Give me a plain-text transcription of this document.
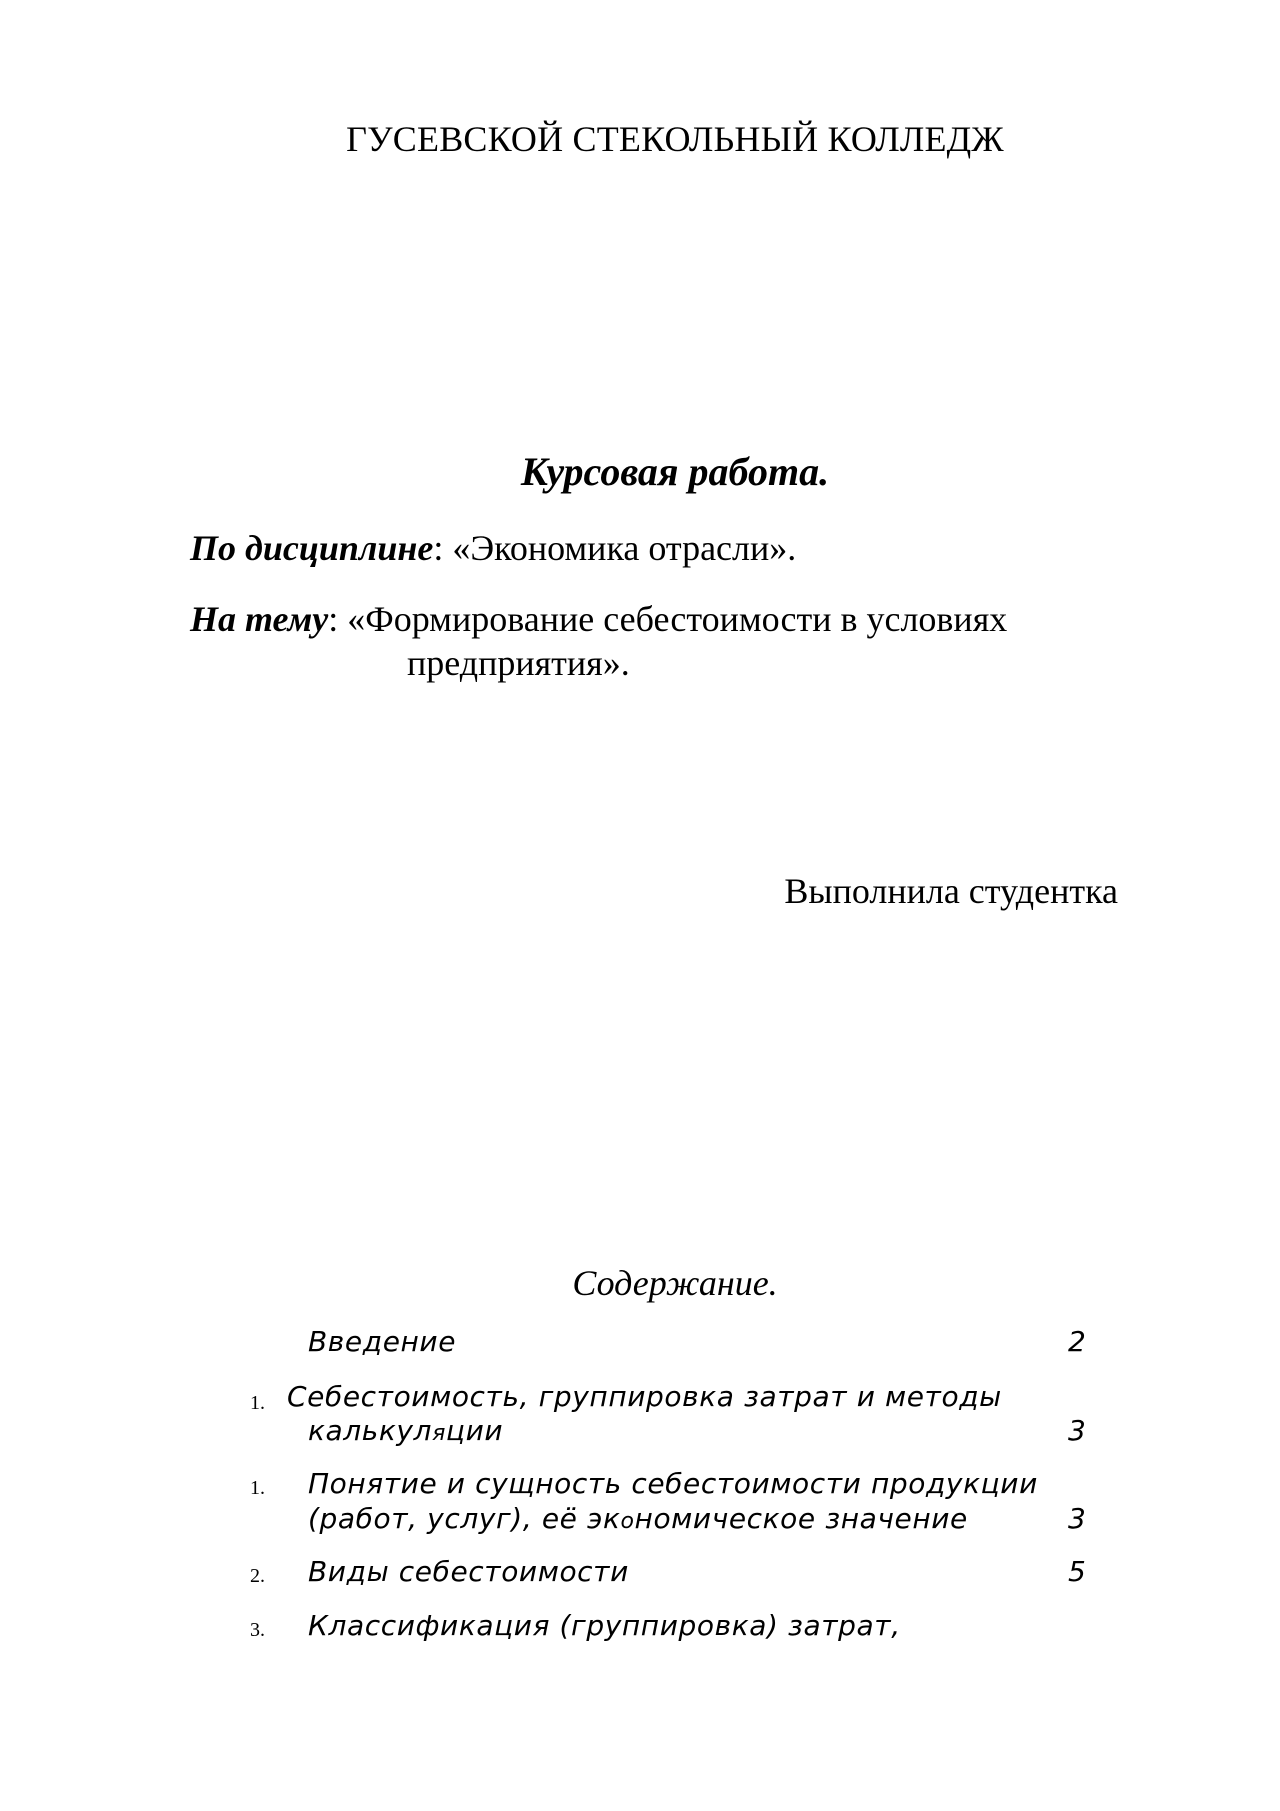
ГУСЕВСКОЙ СТЕКОЛЬНЫЙ КОЛЛЕДЖ
Курсовая работа.
По дисциплине: «Экономика отрасли».
На тему: «Формирование себестоимости в условиях
предприятия».
Выполнила студентка
Содержание.
Введение	2
1. Себестоимость, группировка затрат и методы
калькуляции	3
1. Понятие и сущность себестоимости продукции
(работ, услуг), её экономическое значение	3
2. Виды себестоимости	5
3. Классификация (группировка) затрат,
